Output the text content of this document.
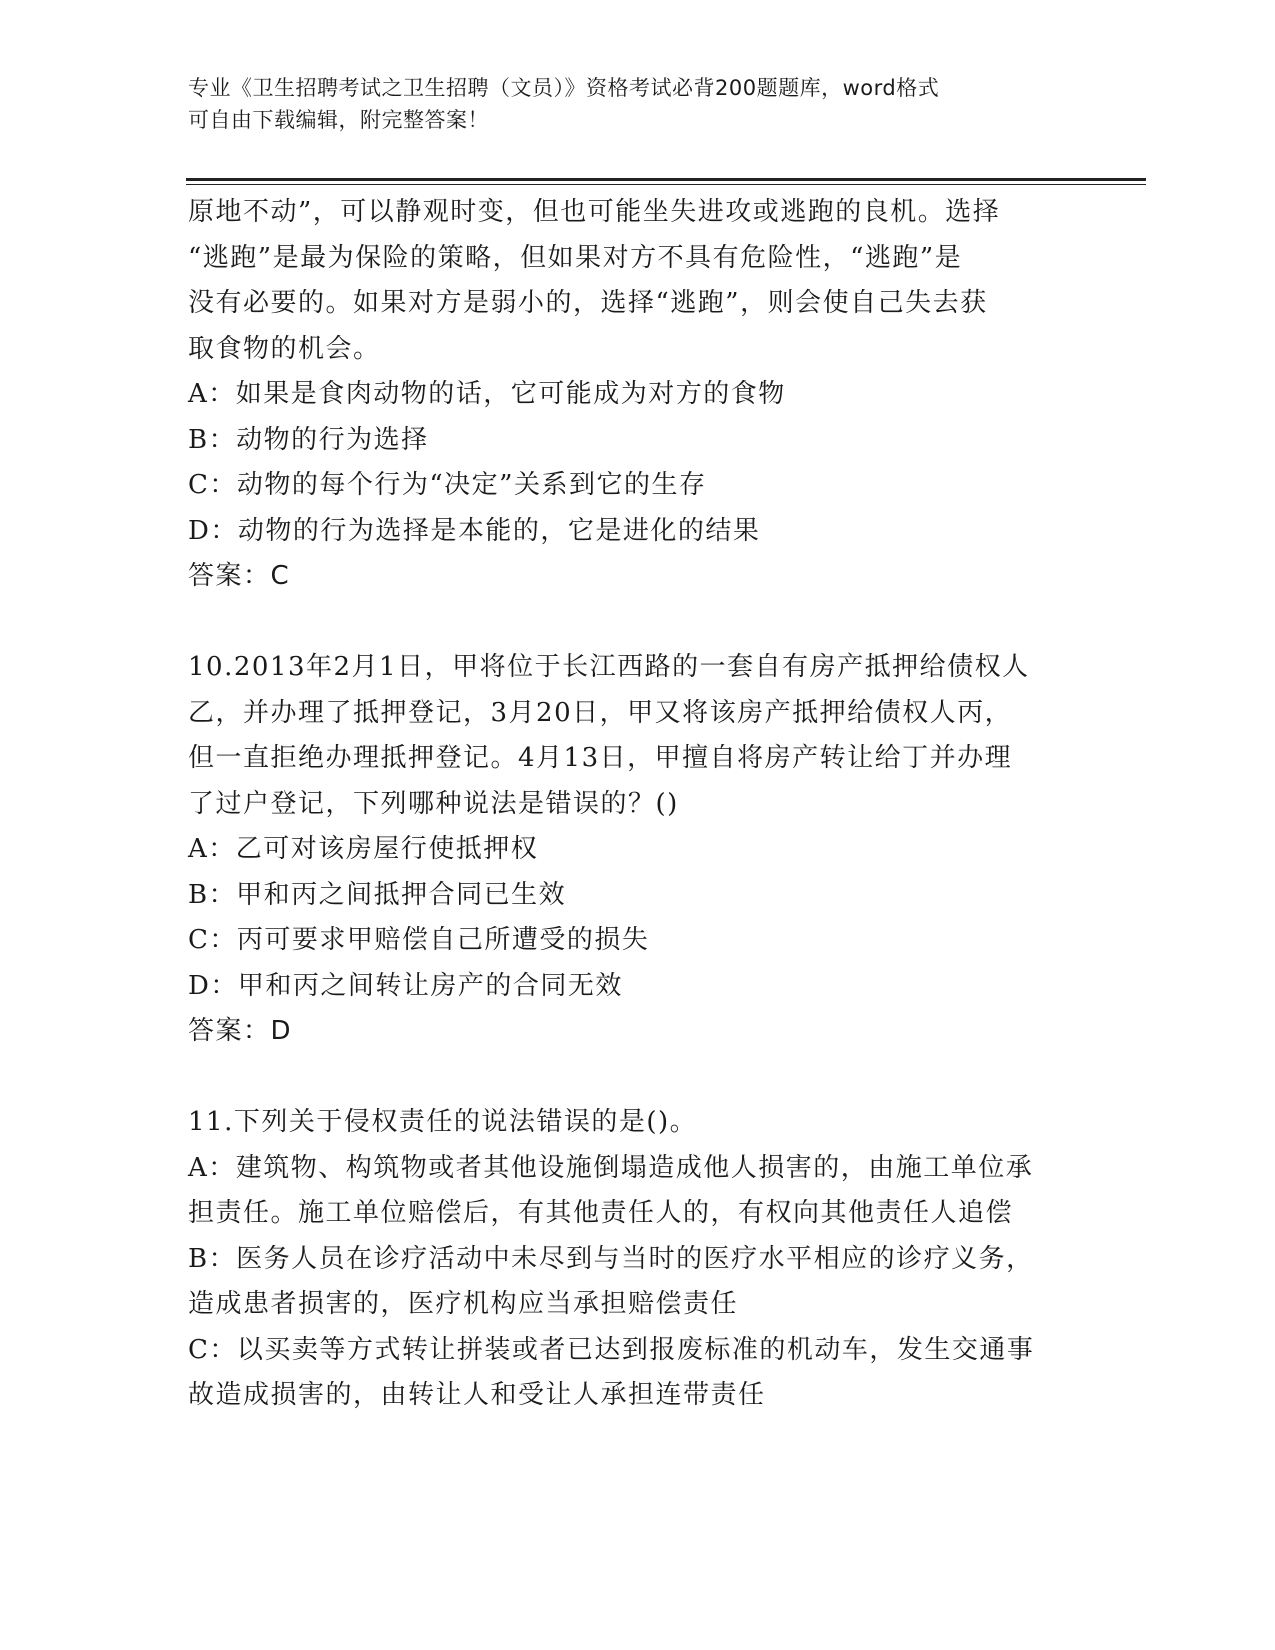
专业《卫生招聘考试之卫生招聘（文员）》资格考试必背200题题库，word格式
可自由下载编辑，附完整答案！
原地不动”，可以静观时变，但也可能坐失进攻或逃跑的良机。选择
“逃跑”是最为保险的策略，但如果对方不具有危险性，“逃跑”是
没有必要的。如果对方是弱小的，选择“逃跑”，则会使自己失去获
取食物的机会。
A：如果是食肉动物的话，它可能成为对方的食物
B：动物的行为选择
C：动物的每个行为“决定”关系到它的生存
D：动物的行为选择是本能的，它是进化的结果
答案：C
10.2013年2月1日，甲将位于长江西路的一套自有房产抵押给债权人
乙，并办理了抵押登记，3月20日，甲又将该房产抵押给债权人丙，
但一直拒绝办理抵押登记。4月13日，甲擅自将房产转让给丁并办理
了过户登记，下列哪种说法是错误的？()
A：乙可对该房屋行使抵押权
B：甲和丙之间抵押合同已生效
C：丙可要求甲赔偿自己所遭受的损失
D：甲和丙之间转让房产的合同无效
答案：D
11.下列关于侵权责任的说法错误的是()。
A：建筑物、构筑物或者其他设施倒塌造成他人损害的，由施工单位承
担责任。施工单位赔偿后，有其他责任人的，有权向其他责任人追偿
B：医务人员在诊疗活动中未尽到与当时的医疗水平相应的诊疗义务，
造成患者损害的，医疗机构应当承担赔偿责任
C：以买卖等方式转让拼装或者已达到报废标准的机动车，发生交通事
故造成损害的，由转让人和受让人承担连带责任
